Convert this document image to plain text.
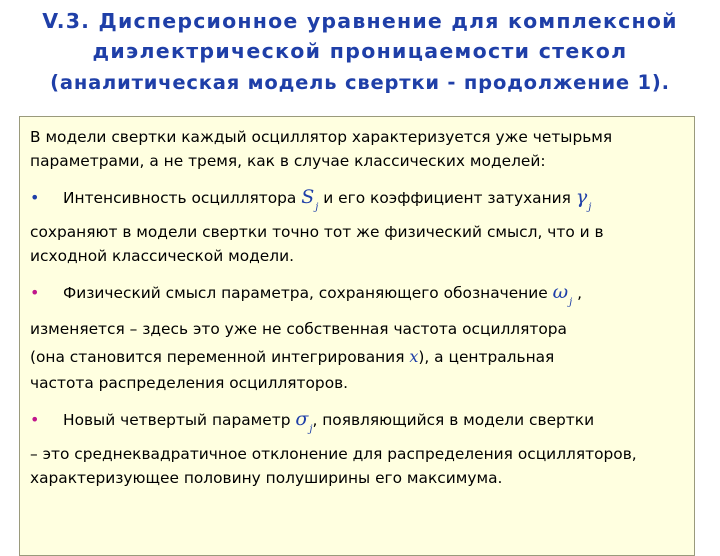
V.3. Дисперсионное уравнение для комплексной
диэлектрической проницаемости стекол
(аналитическая модель свертки - продолжение 1).

В модели свертки каждый осциллятор характеризуется уже четырьмя параметрами, а не тремя, как в случае классических моделей:

• Интенсивность осциллятора $S_j$ и его коэффициент затухания $\gamma_j$

сохраняют в модели свертки точно тот же физический смысл, что и в исходной классической модели.

• Физический смысл параметра, сохраняющего обозначение $\omega_j$ ,
изменяется – здесь это уже не собственная частота осциллятора
(она становится переменной интегрирования x), а центральная
частота распределения осцилляторов.
• Новый четвертый параметр $\sigma_j$, появляющийся в модели свертки

– это среднеквадратичное отклонение для распределения осцилляторов, характеризующее половину полуширины его максимума.
